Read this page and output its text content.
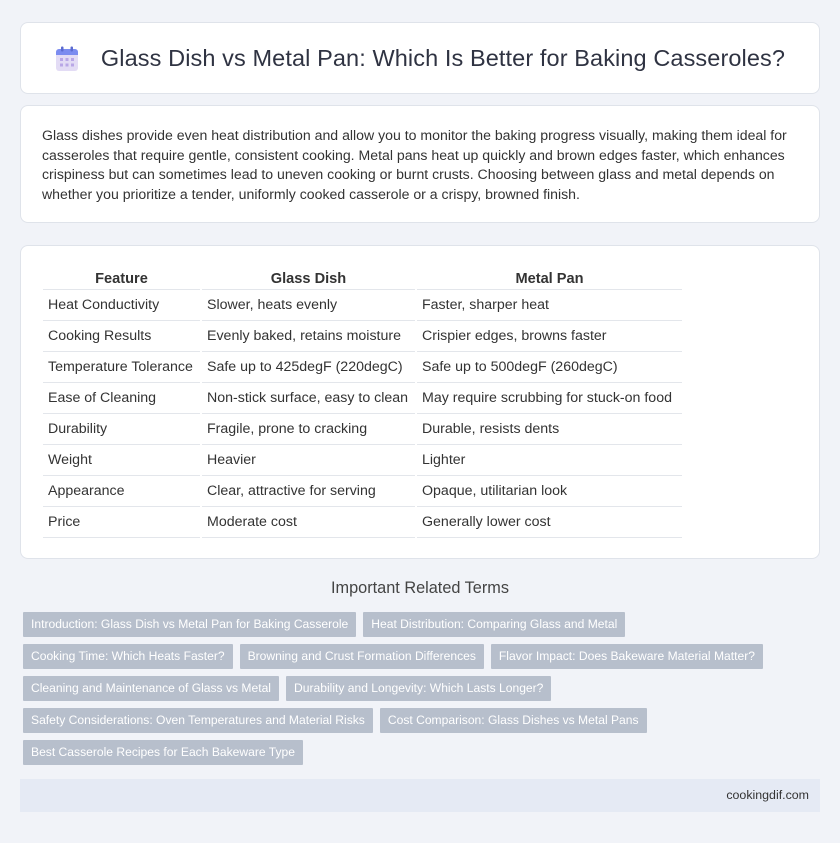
Glass Dish vs Metal Pan: Which Is Better for Baking Casseroles?

Glass dishes provide even heat distribution and allow you to monitor the baking progress visually, making them ideal for casseroles that require gentle, consistent cooking. Metal pans heat up quickly and brown edges faster, which enhances crispiness but can sometimes lead to uneven cooking or burnt crusts. Choosing between glass and metal depends on whether you prioritize a tender, uniformly cooked casserole or a crispy, browned finish.

Feature	Glass Dish	Metal Pan
Heat Conductivity	Slower, heats evenly	Faster, sharper heat
Cooking Results	Evenly baked, retains moisture	Crispier edges, browns faster
Temperature Tolerance	Safe up to 425degF (220degC)	Safe up to 500degF (260degC)
Ease of Cleaning	Non-stick surface, easy to clean	May require scrubbing for stuck-on food
Durability	Fragile, prone to cracking	Durable, resists dents
Weight	Heavier	Lighter
Appearance	Clear, attractive for serving	Opaque, utilitarian look
Price	Moderate cost	Generally lower cost
Important Related Terms
Introduction: Glass Dish vs Metal Pan for Baking Casserole	Heat Distribution: Comparing Glass and Metal
Cooking Time: Which Heats Faster?	Browning and Crust Formation Differences	Flavor Impact: Does Bakeware Material Matter?
Cleaning and Maintenance of Glass vs Metal	Durability and Longevity: Which Lasts Longer?
Safety Considerations: Oven Temperatures and Material Risks	Cost Comparison: Glass Dishes vs Metal Pans
Best Casserole Recipes for Each Bakeware Type
cookingdif.com
